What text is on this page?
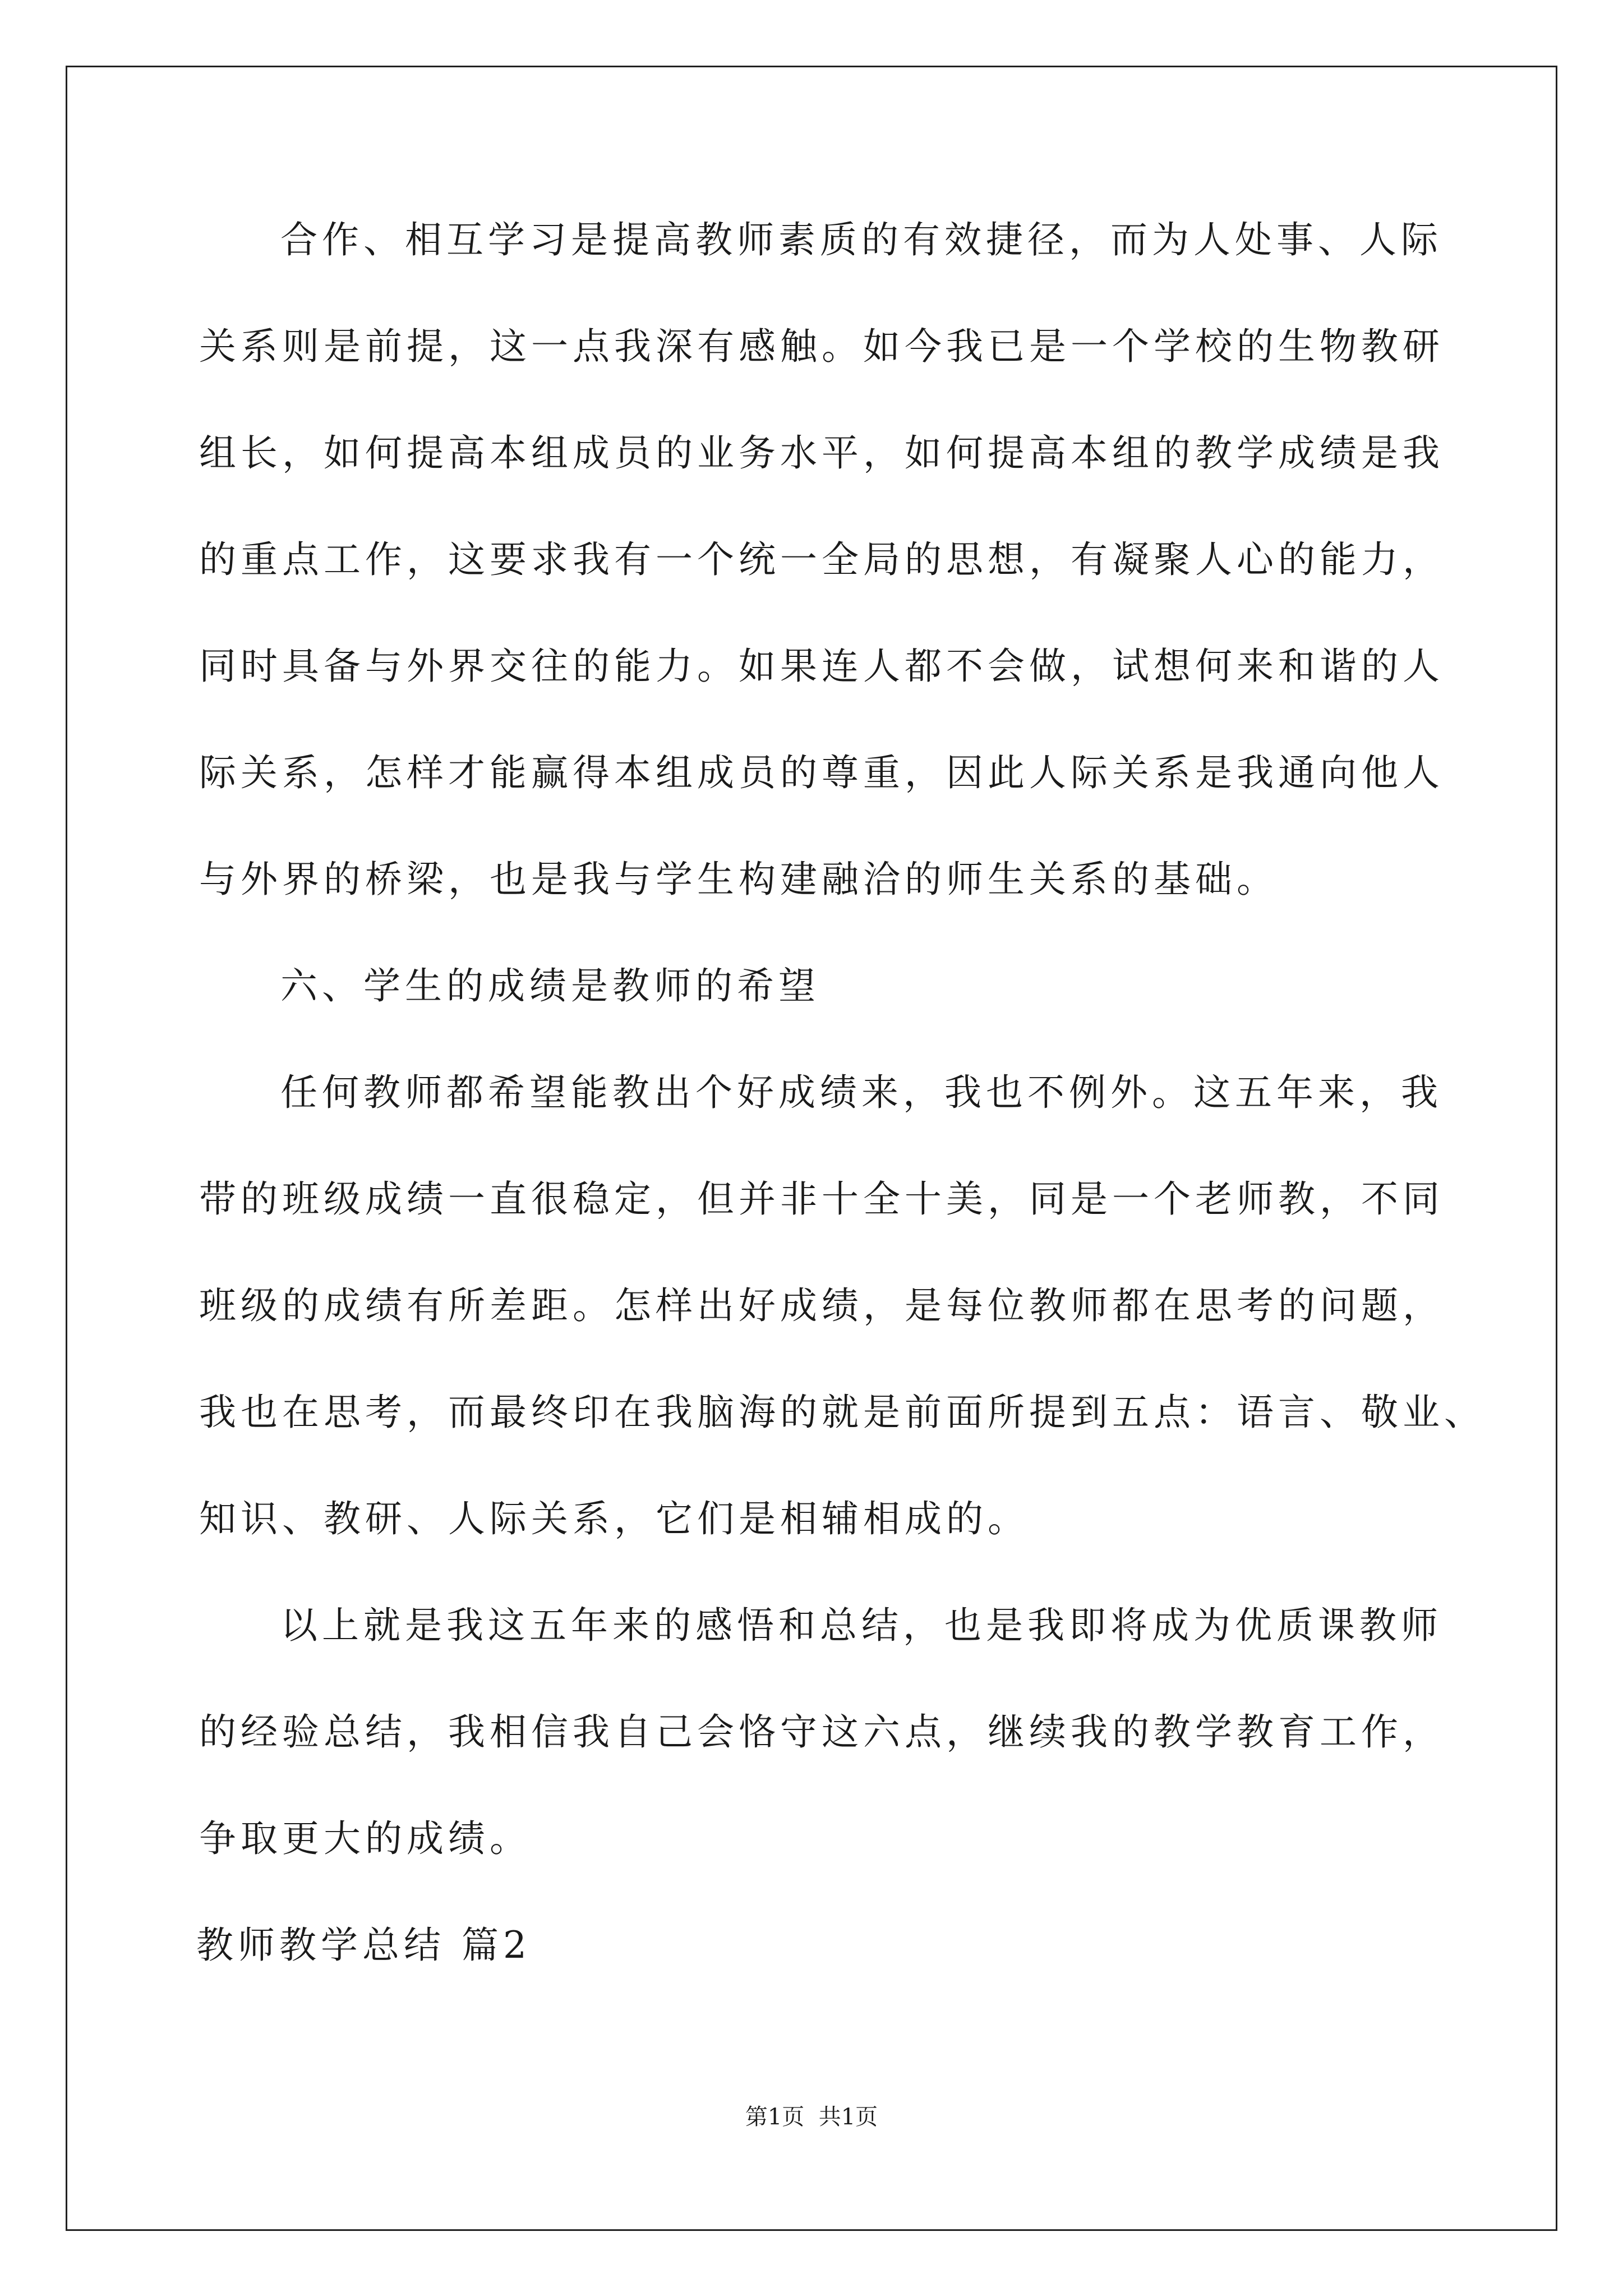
合作、相互学习是提高教师素质的有效捷径，而为人处事、人际
关系则是前提，这一点我深有感触。如今我已是一个学校的生物教研
组长，如何提高本组成员的业务水平，如何提高本组的教学成绩是我
的重点工作，这要求我有一个统一全局的思想，有凝聚人心的能力，
同时具备与外界交往的能力。如果连人都不会做，试想何来和谐的人
际关系，怎样才能赢得本组成员的尊重，因此人际关系是我通向他人
与外界的桥梁，也是我与学生构建融洽的师生关系的基础。
六、学生的成绩是教师的希望
任何教师都希望能教出个好成绩来，我也不例外。这五年来，我
带的班级成绩一直很稳定，但并非十全十美，同是一个老师教，不同
班级的成绩有所差距。怎样出好成绩，是每位教师都在思考的问题，
我也在思考，而最终印在我脑海的就是前面所提到五点：语言、敬业、
知识、教研、人际关系，它们是相辅相成的。
以上就是我这五年来的感悟和总结，也是我即将成为优质课教师
的经验总结，我相信我自己会恪守这六点，继续我的教学教育工作，
争取更大的成绩。
教师教学总结 篇2
第1页  共1页
